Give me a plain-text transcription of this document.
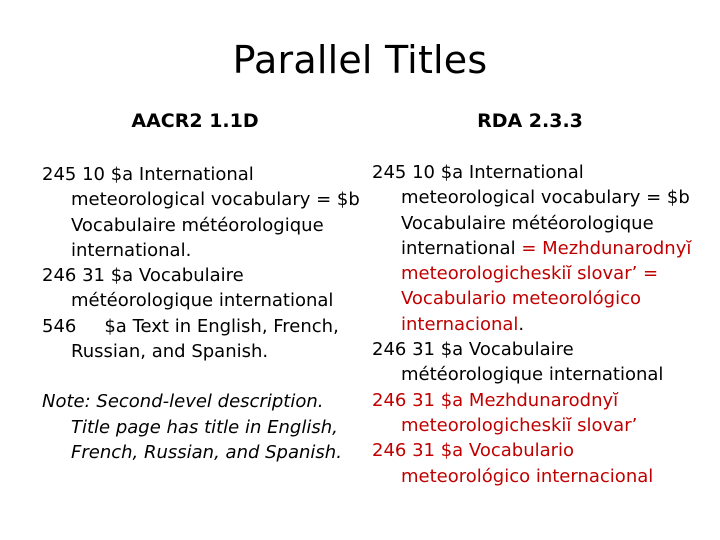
Parallel Titles
AACR2 1.1D	RDA 2.3.3

245 10 $a International meteorological vocabulary = $b Vocabulaire météorologique international.

246 31 $a Vocabulaire météorologique international

546 $a Text in English, French, Russian, and Spanish.

Note: Second-level description. Title page has title in English, French, Russian, and Spanish.

245 10 $a International meteorological vocabulary = $b Vocabulaire météorologique international = Mezhdunarodnyĭ meteorologicheskiĭ slovar’ = Vocabulario meteorológico internacional.

246 31 $a Vocabulaire météorologique international

246 31 $a Mezhdunarodnyĭ meteorologicheskiĭ slovar’

246 31 $a Vocabulario meteorológico internacional
